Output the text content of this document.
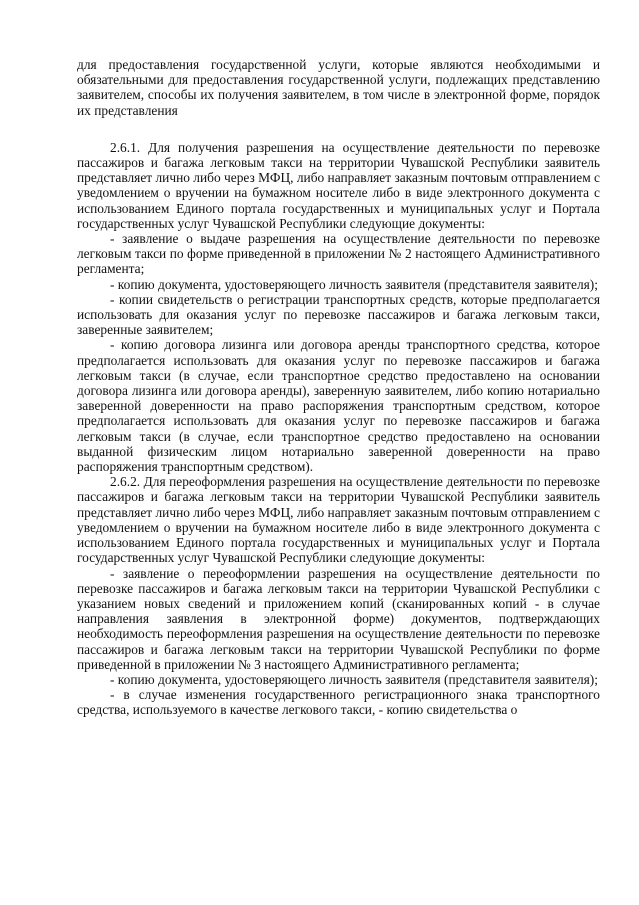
для предоставления государственной услуги, которые являются необходимыми и обязательными для предоставления государственной услуги, подлежащих представлению заявителем, способы их получения заявителем, в том числе в электронной форме, порядок их представления

2.6.1. Для получения разрешения на осуществление деятельности по перевозке пассажиров и багажа легковым такси на территории Чувашской Республики заявитель представляет лично либо через МФЦ, либо направляет заказным почтовым отправлением с уведомлением о вручении на бумажном носителе либо в виде электронного документа с использованием Единого портала государственных и муниципальных услуг и Портала государственных услуг Чувашской Республики следующие документы:

- заявление о выдаче разрешения на осуществление деятельности по перевозке легковым такси по форме приведенной в приложении № 2 настоящего Административного регламента;

- копию документа, удостоверяющего личность заявителя (представителя заявителя);

- копии свидетельств о регистрации транспортных средств, которые предполагается использовать для оказания услуг по перевозке пассажиров и багажа легковым такси, заверенные заявителем;

- копию договора лизинга или договора аренды транспортного средства, которое предполагается использовать для оказания услуг по перевозке пассажиров и багажа легковым такси (в случае, если транспортное средство предоставлено на основании договора лизинга или договора аренды), заверенную заявителем, либо копию нотариально заверенной доверенности на право распоряжения транспортным средством, которое предполагается использовать для оказания услуг по перевозке пассажиров и багажа легковым такси (в случае, если транспортное средство предоставлено на основании выданной физическим лицом нотариально заверенной доверенности на право распоряжения транспортным средством).

2.6.2. Для переоформления разрешения на осуществление деятельности по перевозке пассажиров и багажа легковым такси на территории Чувашской Республики заявитель представляет лично либо через МФЦ, либо направляет заказным почтовым отправлением с уведомлением о вручении на бумажном носителе либо в виде электронного документа с использованием Единого портала государственных и муниципальных услуг и Портала государственных услуг Чувашской Республики следующие документы:

- заявление о переоформлении разрешения на осуществление деятельности по перевозке пассажиров и багажа легковым такси на территории Чувашской Республики с указанием новых сведений и приложением копий (сканированных копий - в случае направления заявления в электронной форме) документов, подтверждающих необходимость переоформления разрешения на осуществление деятельности по перевозке пассажиров и багажа легковым такси на территории Чувашской Республики по форме приведенной в приложении № 3 настоящего Административного регламента;

- копию документа, удостоверяющего личность заявителя (представителя заявителя);

- в случае изменения государственного регистрационного знака транспортного средства, используемого в качестве легкового такси, - копию свидетельства о
